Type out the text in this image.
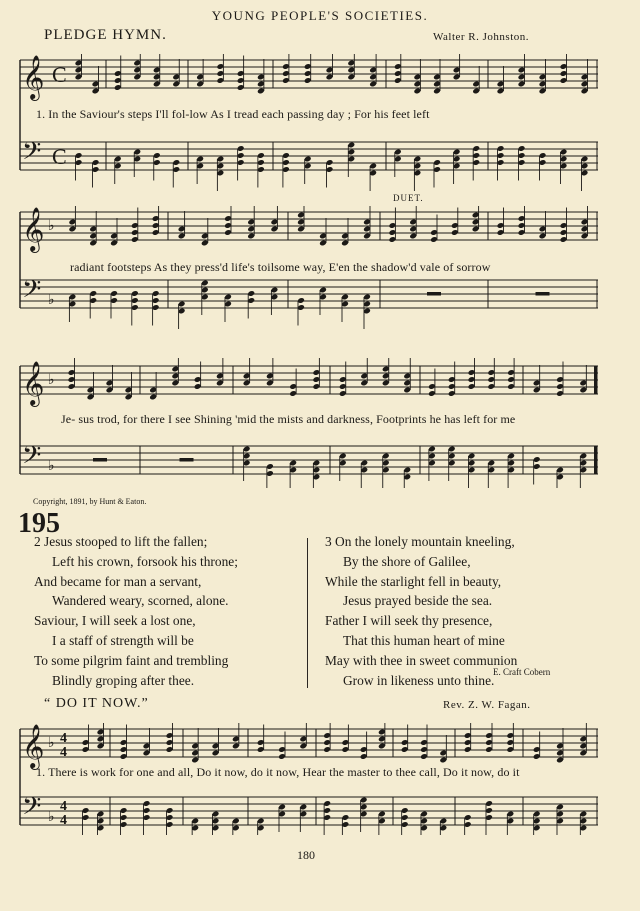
YOUNG PEOPLE'S SOCIETIES.
PLEDGE HYMN.	Walter R. Johnston.
𝄞
𝄢
C
C
1. In the Saviour's steps I'll fol-low As I tread each passing day ; For his feet left
DUET.
𝄞
𝄢
♭
♭
radiant footsteps As they press'd life's toilsome way, E'en the shadow'd vale of sorrow
𝄞
𝄢
♭
♭
Je- sus trod, for there I see Shining 'mid the mists and darkness, Footprints he has left for me
Copyright, 1891, by Hunt & Eaton.
195
2 Jesus stooped to lift the fallen;
Left his crown, forsook his throne;
And became for man a servant,
Wandered weary, scorned, alone.
Saviour, I will seek a lost one,
I a staff of strength will be
To some pilgrim faint and trembling
Blindly groping after thee.
3 On the lonely mountain kneeling,
By the shore of Galilee,
While the starlight fell in beauty,
Jesus prayed beside the sea.
Father I will seek thy presence,
That this human heart of mine
May with thee in sweet communion
Grow in likeness unto thine.
E. Craft Cobern
“ DO IT NOW.”	Rev. Z. W. Fagan.
𝄞
𝄢
♭
♭
4
4
4
4
1. There is work for one and all, Do it now, do it now, Hear the master to thee call, Do it now, do it
180
